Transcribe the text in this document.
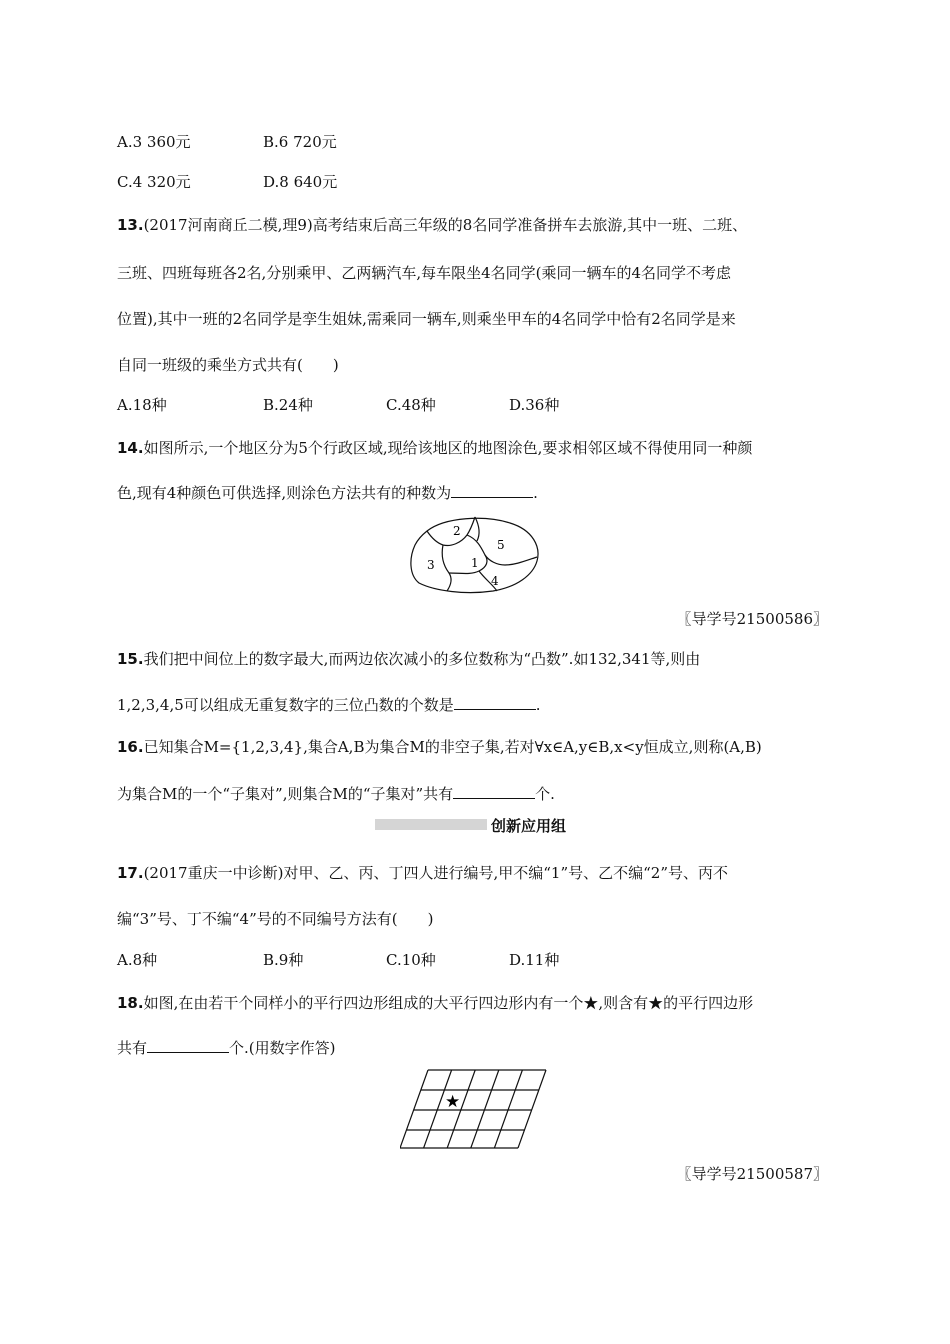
A.3 360元	B.6 720元
C.4 320元	D.8 640元
13.(2017河南商丘二模,理9)高考结束后高三年级的8名同学准备拼车去旅游,其中一班、二班、
三班、四班每班各2名,分别乘甲、乙两辆汽车,每车限坐4名同学(乘同一辆车的4名同学不考虑
位置),其中一班的2名同学是孪生姐妹,需乘同一辆车,则乘坐甲车的4名同学中恰有2名同学是来
自同一班级的乘坐方式共有(　　)
A.18种	B.24种	C.48种	D.36种
14.如图所示,一个地区分为5个行政区域,现给该地区的地图涂色,要求相邻区域不得使用同一种颜
色,现有4种颜色可供选择,则涂色方法共有的种数为	.
1
2
3
4
5
〖导学号21500586〗
15.我们把中间位上的数字最大,而两边依次减小的多位数称为“凸数”.如132,341等,则由
1,2,3,4,5可以组成无重复数字的三位凸数的个数是	.
16.已知集合M={1,2,3,4},集合A,B为集合M的非空子集,若对∀x∈A,y∈B,x<y恒成立,则称(A,B)
为集合M的一个“子集对”,则集合M的“子集对”共有	个.
创新应用组
17.(2017重庆一中诊断)对甲、乙、丙、丁四人进行编号,甲不编“1”号、乙不编“2”号、丙不
编“3”号、丁不编“4”号的不同编号方法有(　　)
A.8种	B.9种	C.10种	D.11种
18.如图,在由若干个同样小的平行四边形组成的大平行四边形内有一个★,则含有★的平行四边形
共有	个.(用数字作答)
★
〖导学号21500587〗
